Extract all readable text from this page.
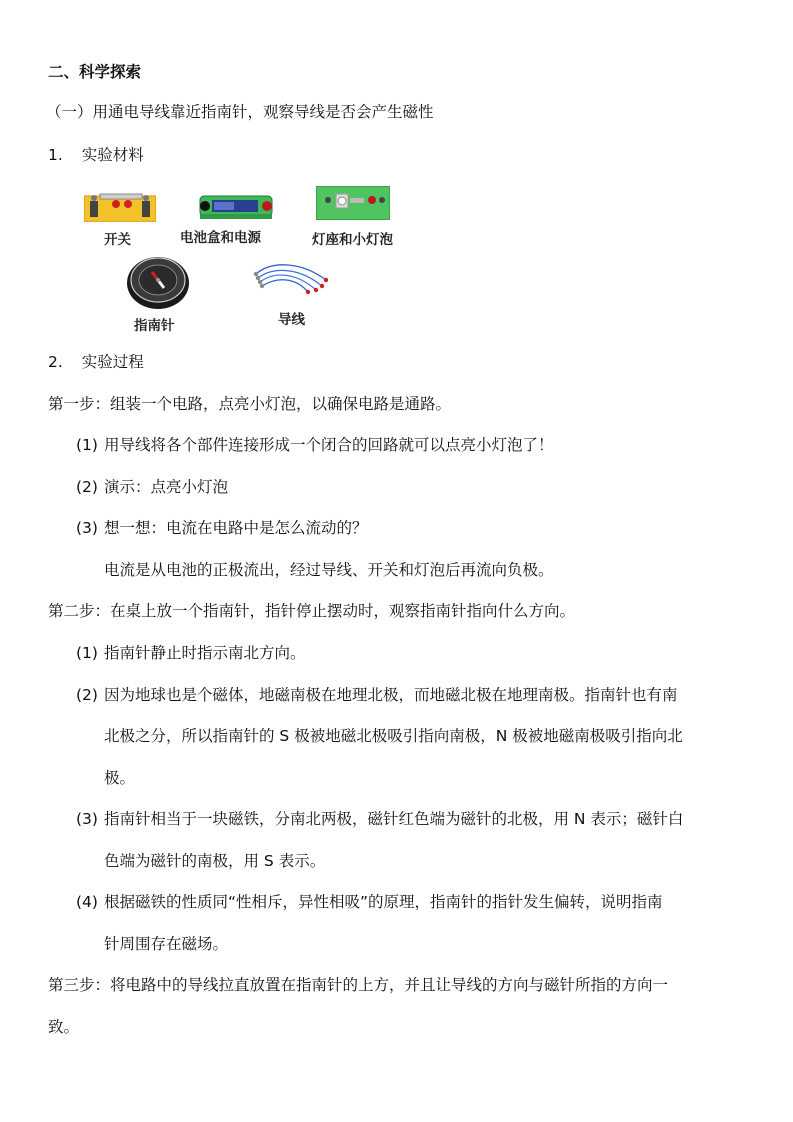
二、科学探索
（一）用通电导线靠近指南针，观察导线是否会产生磁性
1. 实验材料
开关	电池盒和电源	灯座和小灯泡
指南针	导线
2. 实验过程
第一步：组装一个电路，点亮小灯泡，以确保电路是通路。
(1) 用导线将各个部件连接形成一个闭合的回路就可以点亮小灯泡了！
(2) 演示：点亮小灯泡
(3) 想一想：电流在电路中是怎么流动的？
电流是从电池的正极流出，经过导线、开关和灯泡后再流向负极。
第二步：在桌上放一个指南针，指针停止摆动时，观察指南针指向什么方向。
(1) 指南针静止时指示南北方向。
(2) 因为地球也是个磁体，地磁南极在地理北极，而地磁北极在地理南极。指南针也有南
北极之分，所以指南针的 S 极被地磁北极吸引指向南极，N 极被地磁南极吸引指向北
极。
(3) 指南针相当于一块磁铁，分南北两极，磁针红色端为磁针的北极，用 N 表示；磁针白
色端为磁针的南极，用 S 表示。
(4) 根据磁铁的性质同“性相斥，异性相吸”的原理，指南针的指针发生偏转，说明指南
针周围存在磁场。
第三步：将电路中的导线拉直放置在指南针的上方，并且让导线的方向与磁针所指的方向一
致。
